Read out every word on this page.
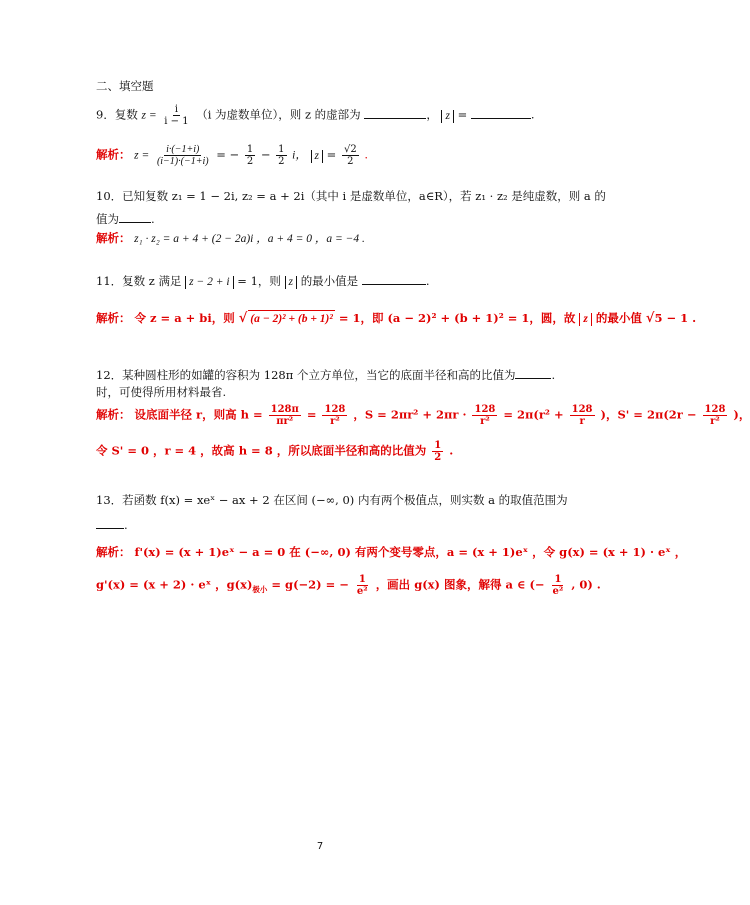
二、填空题
9．复数 $z = \frac{i}{i - 1} (i$ 为虚数单位），则 z 的虚部为	， z =	.
解析： $z = \frac{i\cdot(-1+i)}{(i-1)\cdot(-1+i)}$ = − $\frac{1}{2} - \frac{1}{2}$ i， $z = \frac{√2}{2}$ .
10．已知复数 z₁ = 1 − 2i, z₂ = a + 2i（其中 i 是虚数单位，a∈R），若 z₁ · z₂ 是纯虚数，则 a 的
值为	.
解析： z₁ · z₂ = a + 4 + (2 − 2a)i ，a + 4 = 0 ，a = −4 .
11．复数 z 满足 z − 2 + i = 1，则 z 的最小值是	.
解析： 令 z = a + bi，则 √ (a − 2)² + (b + 1)² = 1，即 (a − 2)² + (b + 1)² = 1，圆，故 z 的最小值 √5 − 1 .
12．某种圆柱形的如罐的容积为 128π 个立方单位，当它的底面半径和高的比值为	.
时，可使得所用材料最省.
解析： 设底面半径 r，则高 $h = \frac{128\pi}{\text{πr²}} = \frac{128}{\text{r²}}$ ，$S = 2\pi r^2 + 2\pi r \cdot \frac{128}{\text{r²}} = 2\pi(r^2 + \frac{128}{r}$ )，$S' = 2\pi(2r - \frac{128}{\text{r²}}$ )，
令 S' = 0 ，r = 4 ，故高 h = 8 ，所以底面半径和高的比值为 $\frac{1}{2}$ .
13．若函数 f(x) = xeˣ − ax + 2 在区间 (−∞, 0) 内有两个极值点，则实数 a 的取值范围为
.
解析： f'(x) = (x + 1)eˣ − a = 0 在 (−∞, 0) 有两个变号零点，a = (x + 1)eˣ ，令 g(x) = (x + 1) · eˣ ，
g'(x) = (x + 2) · eˣ ，$g(x)_{极小} = g(-2)$ = − $\frac{1}{\text{e²}}$ ，画出 g(x) 图象，解得 a ∈ (− $\frac{1}{\text{e²}}$ , 0) .
7
